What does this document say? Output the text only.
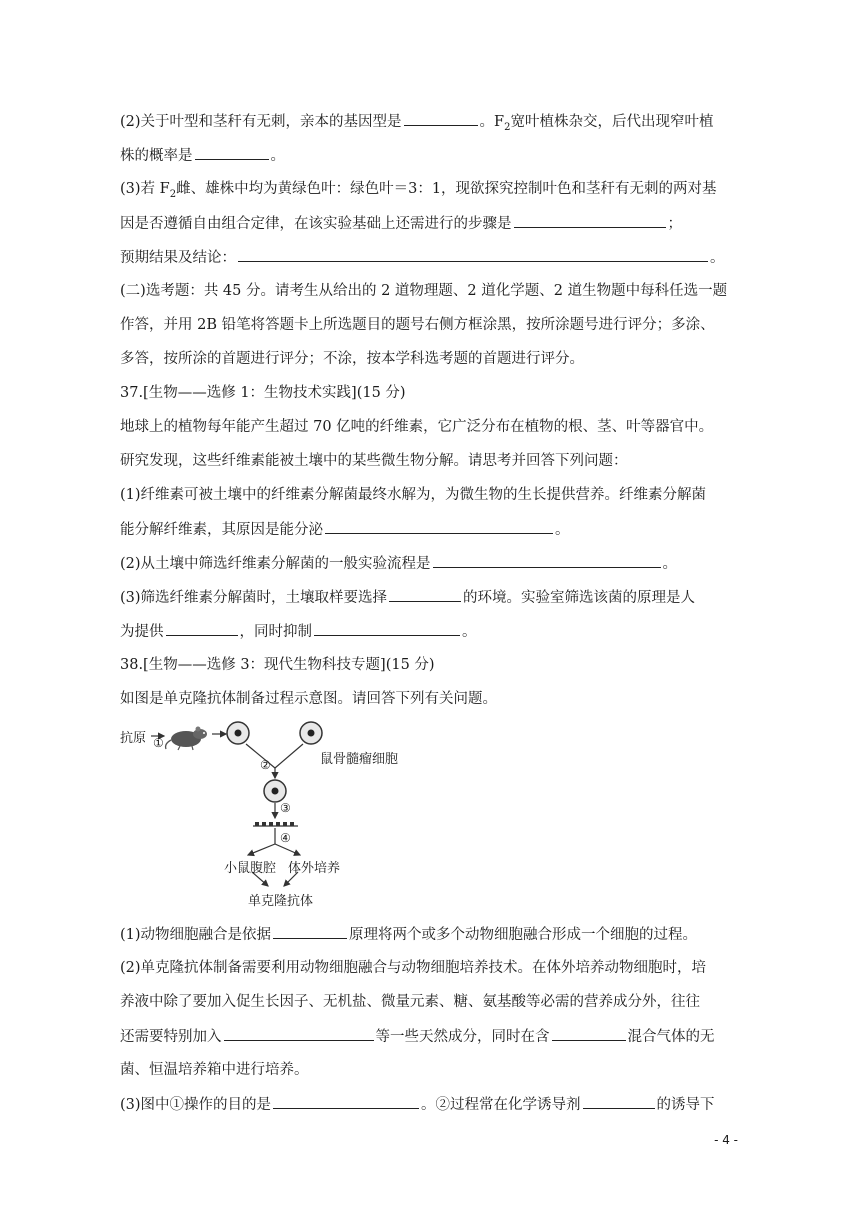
(2)关于叶型和茎秆有无刺，亲本的基因型是	。$F_2$宽叶植株杂交，后代出现窄叶植
株的概率是	。
(3)若 $F_2$雌、雄株中均为黄绿色叶：绿色叶＝3：1，现欲探究控制叶色和茎秆有无刺的两对基
因是否遵循自由组合定律，在该实验基础上还需进行的步骤是	；
预期结果及结论：	。
(二)选考题：共 45 分。请考生从给出的 2 道物理题、2 道化学题、2 道生物题中每科任选一题
作答，并用 2B 铅笔将答题卡上所选题目的题号右侧方框涂黑，按所涂题号进行评分；多涂、
多答，按所涂的首题进行评分；不涂，按本学科选考题的首题进行评分。
37.[生物——选修 1：生物技术实践](15 分)
地球上的植物每年能产生超过 70 亿吨的纤维素，它广泛分布在植物的根、茎、叶等器官中。
研究发现，这些纤维素能被土壤中的某些微生物分解。请思考并回答下列问题：
(1)纤维素可被土壤中的纤维素分解菌最终水解为，为微生物的生长提供营养。纤维素分解菌
能分解纤维素，其原因是能分泌	。
(2)从土壤中筛选纤维素分解菌的一般实验流程是	。
(3)筛选纤维素分解菌时，土壤取样要选择	的环境。实验室筛选该菌的原理是人
为提供	，同时抑制	。
38.[生物——选修 3：现代生物科技专题](15 分)
如图是单克隆抗体制备过程示意图。请回答下列有关问题。
抗原 ①
鼠骨髓瘤细胞
②
③
④
小鼠腹腔 体外培养
单克隆抗体
(1)动物细胞融合是依据	原理将两个或多个动物细胞融合形成一个细胞的过程。
(2)单克隆抗体制备需要利用动物细胞融合与动物细胞培养技术。在体外培养动物细胞时，培
养液中除了要加入促生长因子、无机盐、微量元素、糖、氨基酸等必需的营养成分外，往往
还需要特别加入	等一些天然成分，同时在含	混合气体的无
菌、恒温培养箱中进行培养。
(3)图中①操作的目的是	。②过程常在化学诱导剂	的诱导下
- 4 -
